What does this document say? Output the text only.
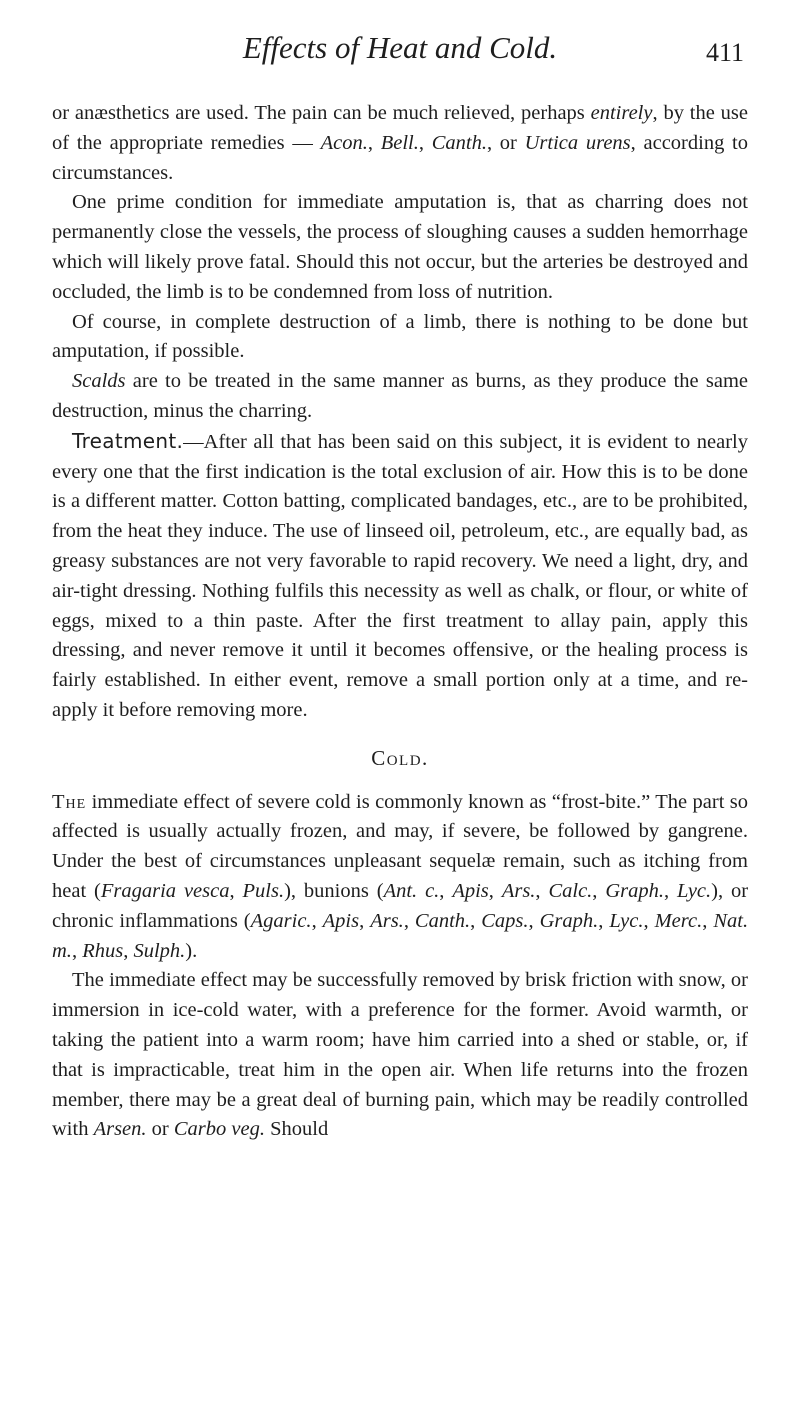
Effects of Heat and Cold.	411

or anæsthetics are used. The pain can be much relieved, perhaps entirely, by the use of the appropriate remedies — Acon., Bell., Canth., or Urtica urens, according to circumstances.

One prime condition for immediate amputation is, that as charring does not permanently close the vessels, the process of sloughing causes a sudden hemorrhage which will likely prove fatal. Should this not occur, but the arteries be destroyed and occluded, the limb is to be condemned from loss of nutrition.

Of course, in complete destruction of a limb, there is nothing to be done but amputation, if possible.

Scalds are to be treated in the same manner as burns, as they produce the same destruction, minus the charring.

Treatment.—After all that has been said on this subject, it is evident to nearly every one that the first indication is the total exclusion of air. How this is to be done is a different matter. Cotton batting, complicated bandages, etc., are to be prohibited, from the heat they induce. The use of linseed oil, petroleum, etc., are equally bad, as greasy substances are not very favorable to rapid recovery. We need a light, dry, and air-tight dressing. Nothing fulfils this necessity as well as chalk, or flour, or white of eggs, mixed to a thin paste. After the first treatment to allay pain, apply this dressing, and never remove it until it becomes offensive, or the healing process is fairly established. In either event, remove a small portion only at a time, and re-apply it before removing more.

Cold.

The immediate effect of severe cold is commonly known as “frost-bite.” The part so affected is usually actually frozen, and may, if severe, be followed by gangrene. Under the best of circumstances unpleasant sequelæ remain, such as itching from heat (Fragaria vesca, Puls.), bunions (Ant. c., Apis, Ars., Calc., Graph., Lyc.), or chronic inflammations (Agaric., Apis, Ars., Canth., Caps., Graph., Lyc., Merc., Nat. m., Rhus, Sulph.).

The immediate effect may be successfully removed by brisk friction with snow, or immersion in ice-cold water, with a preference for the former. Avoid warmth, or taking the patient into a warm room; have him carried into a shed or stable, or, if that is impracticable, treat him in the open air. When life returns into the frozen member, there may be a great deal of burning pain, which may be readily controlled with Arsen. or Carbo veg. Should
